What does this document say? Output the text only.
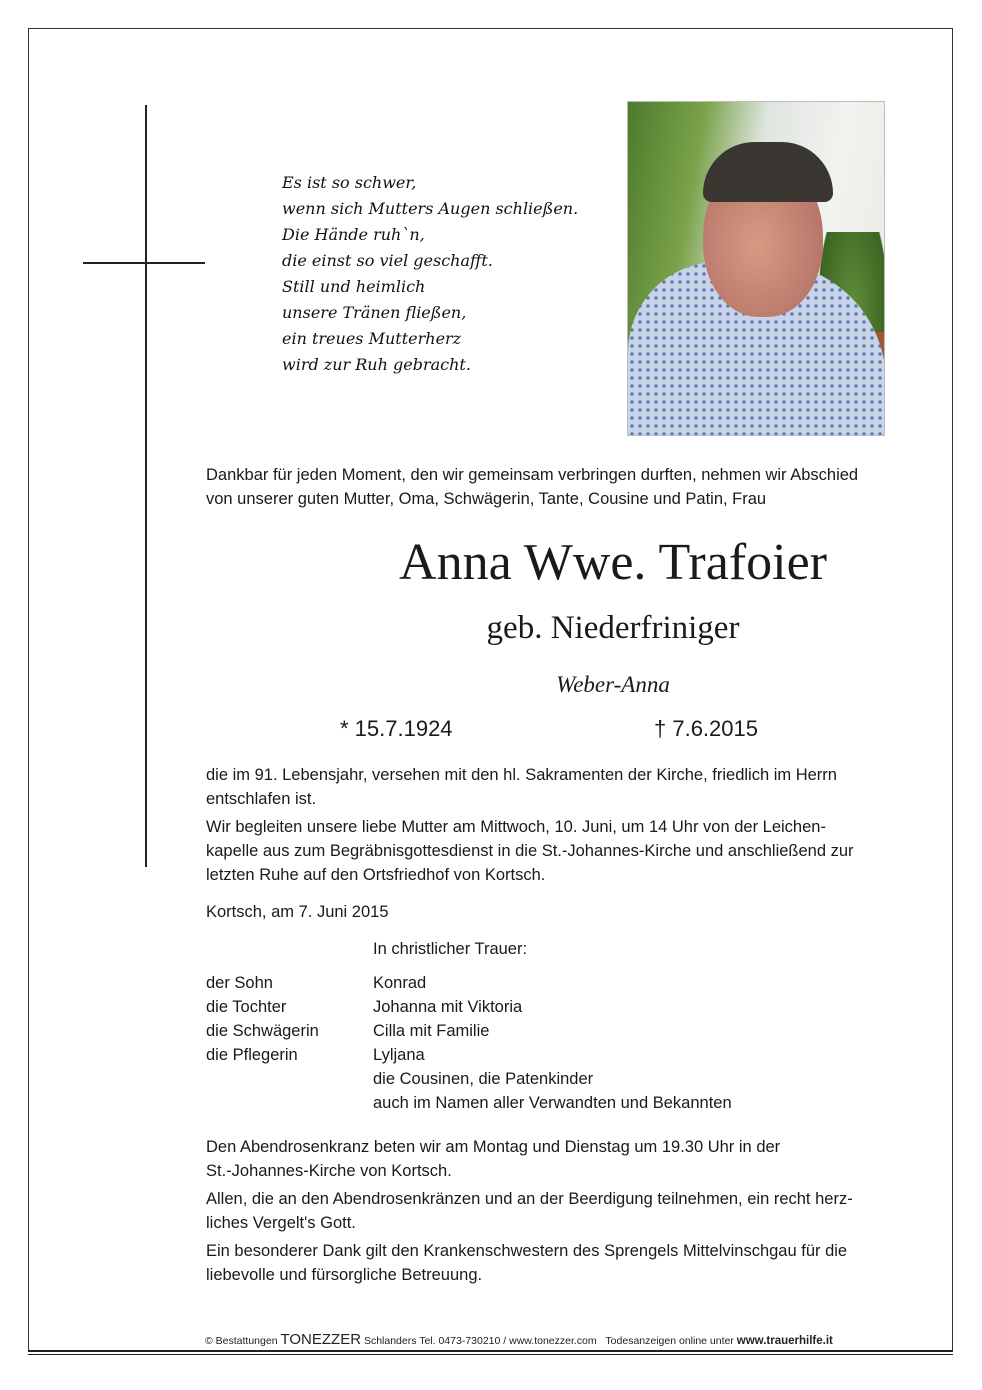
Es ist so schwer,
wenn sich Mutters Augen schließen.
Die Hände ruh`n,
die einst so viel geschafft.
Still und heimlich
unsere Tränen fließen,
ein treues Mutterherz
wird zur Ruh gebracht.
Dankbar für jeden Moment, den wir gemeinsam verbringen durften, nehmen wir Abschied
von unserer guten Mutter, Oma, Schwägerin, Tante, Cousine und Patin, Frau
Anna Wwe. Trafoier
geb. Niederfriniger
Weber-Anna
* 15.7.1924	† 7.6.2015
die im 91. Lebensjahr, versehen mit den hl. Sakramenten der Kirche, friedlich im Herrn
entschlafen ist.
Wir begleiten unsere liebe Mutter am Mittwoch, 10. Juni, um 14 Uhr von der Leichen-
kapelle aus zum Begräbnisgottesdienst in die St.-Johannes-Kirche und anschließend zur
letzten Ruhe auf den Ortsfriedhof von Kortsch.
Kortsch, am 7. Juni 2015
In christlicher Trauer:
der Sohn
die Tochter
die Schwägerin
die Pflegerin
Konrad
Johanna mit Viktoria
Cilla mit Familie
Lyljana
die Cousinen, die Patenkinder
auch im Namen aller Verwandten und Bekannten
Den Abendrosenkranz beten wir am Montag und Dienstag um 19.30 Uhr in der
St.-Johannes-Kirche von Kortsch.
Allen, die an den Abendrosenkränzen und an der Beerdigung teilnehmen, ein recht herz-
liches Vergelt's Gott.
Ein besonderer Dank gilt den Krankenschwestern des Sprengels Mittelvinschgau für die
liebevolle und fürsorgliche Betreuung.
© Bestattungen TONEZZER Schlanders Tel. 0473-730210 / www.tonezzer.com Todesanzeigen online unter www.trauerhilfe.it
